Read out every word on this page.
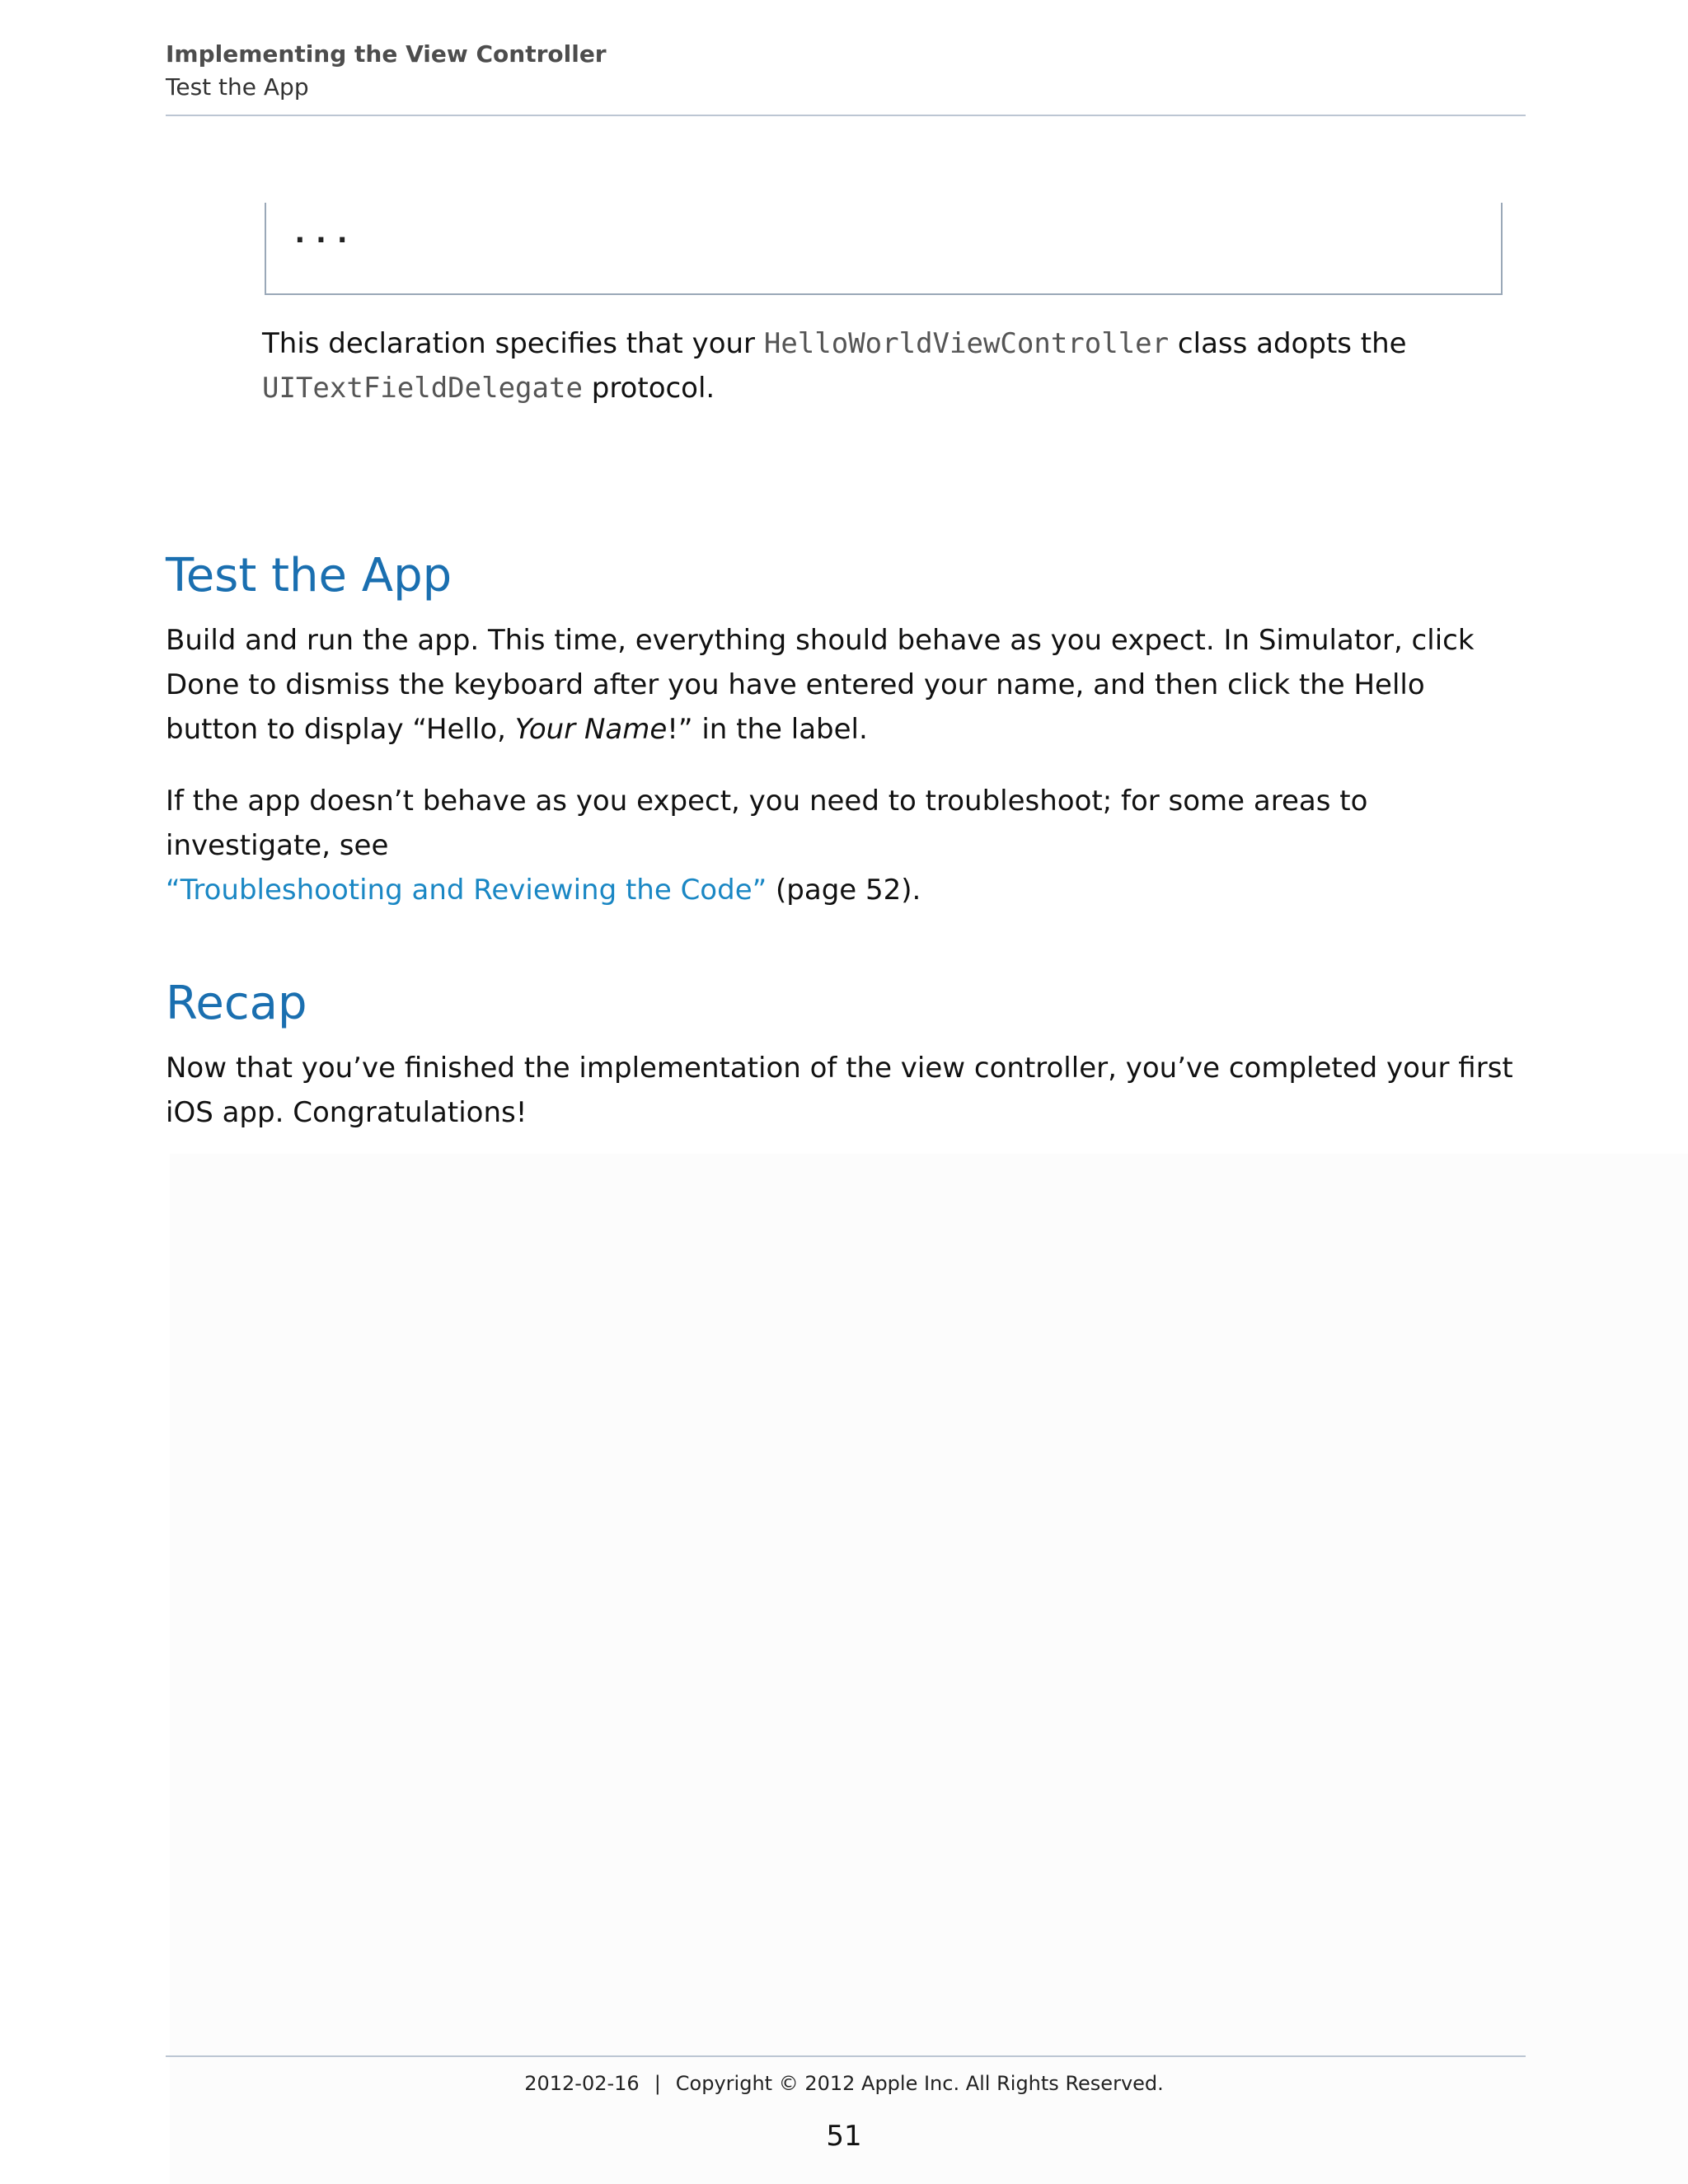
Implementing the View Controller
Test the App
...
This declaration specifies that your HelloWorldViewController class adopts the
UITextFieldDelegate protocol.
Test the App

Build and run the app. This time, everything should behave as you expect. In Simulator, click Done to dismiss the keyboard after you have entered your name, and then click the Hello button to display “Hello, Your Name!” in the label.

If the app doesn’t behave as you expect, you need to troubleshoot; for some areas to investigate, see
“Troubleshooting and Reviewing the Code” (page 52).

Recap

Now that you’ve finished the implementation of the view controller, you’ve completed your first iOS app. Congratulations!

2012-02-16 | Copyright © 2012 Apple Inc. All Rights Reserved.
51
